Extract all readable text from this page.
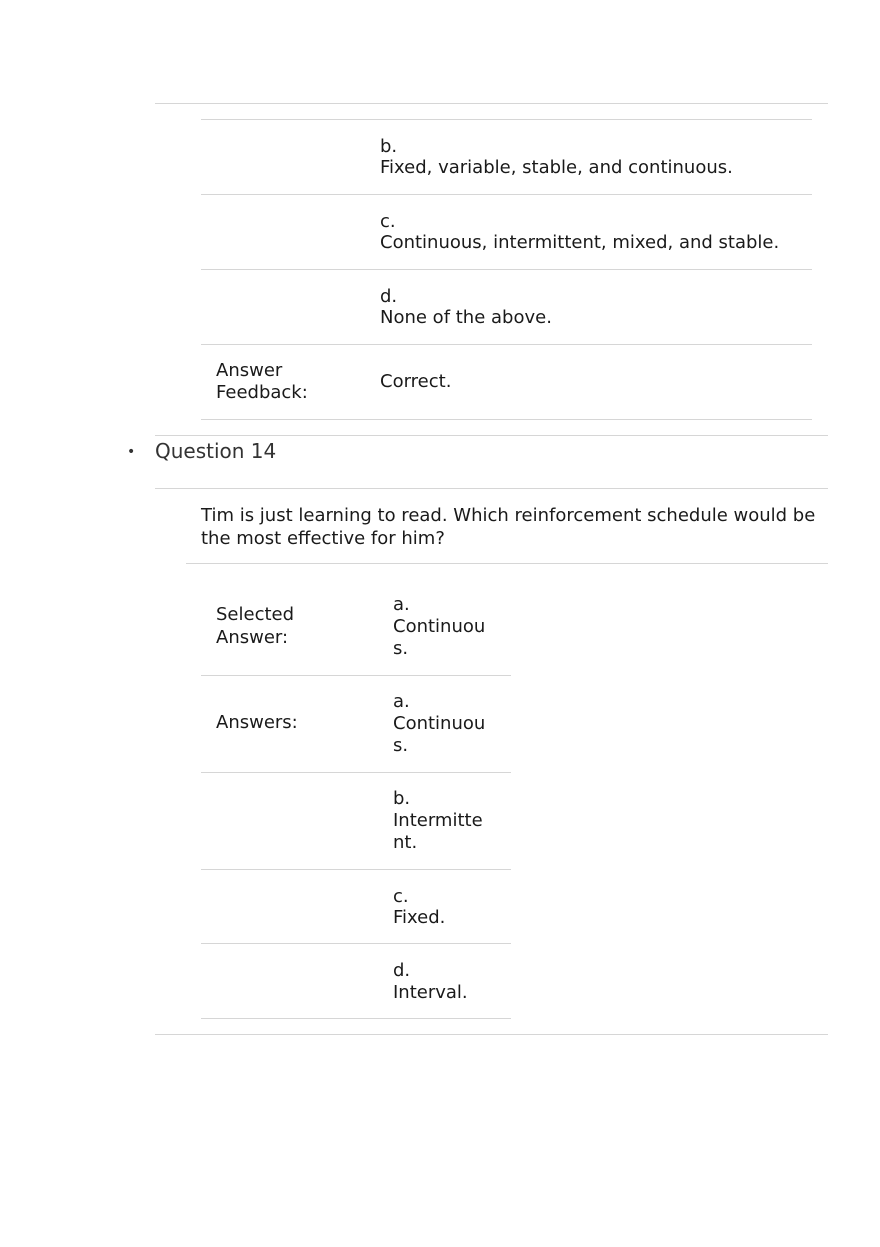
b.
Fixed, variable, stable, and continuous.
c.
Continuous, intermittent, mixed, and stable.
d.
None of the above.
Answer
Feedback:
Correct.
• Question 14
Tim is just learning to read. Which reinforcement schedule would be the most effective for him?
Selected
Answer:
a.
Continuous.
Answers:
a.
Continuous.
b.
Intermittent.
c.
Fixed.
d.
Interval.
